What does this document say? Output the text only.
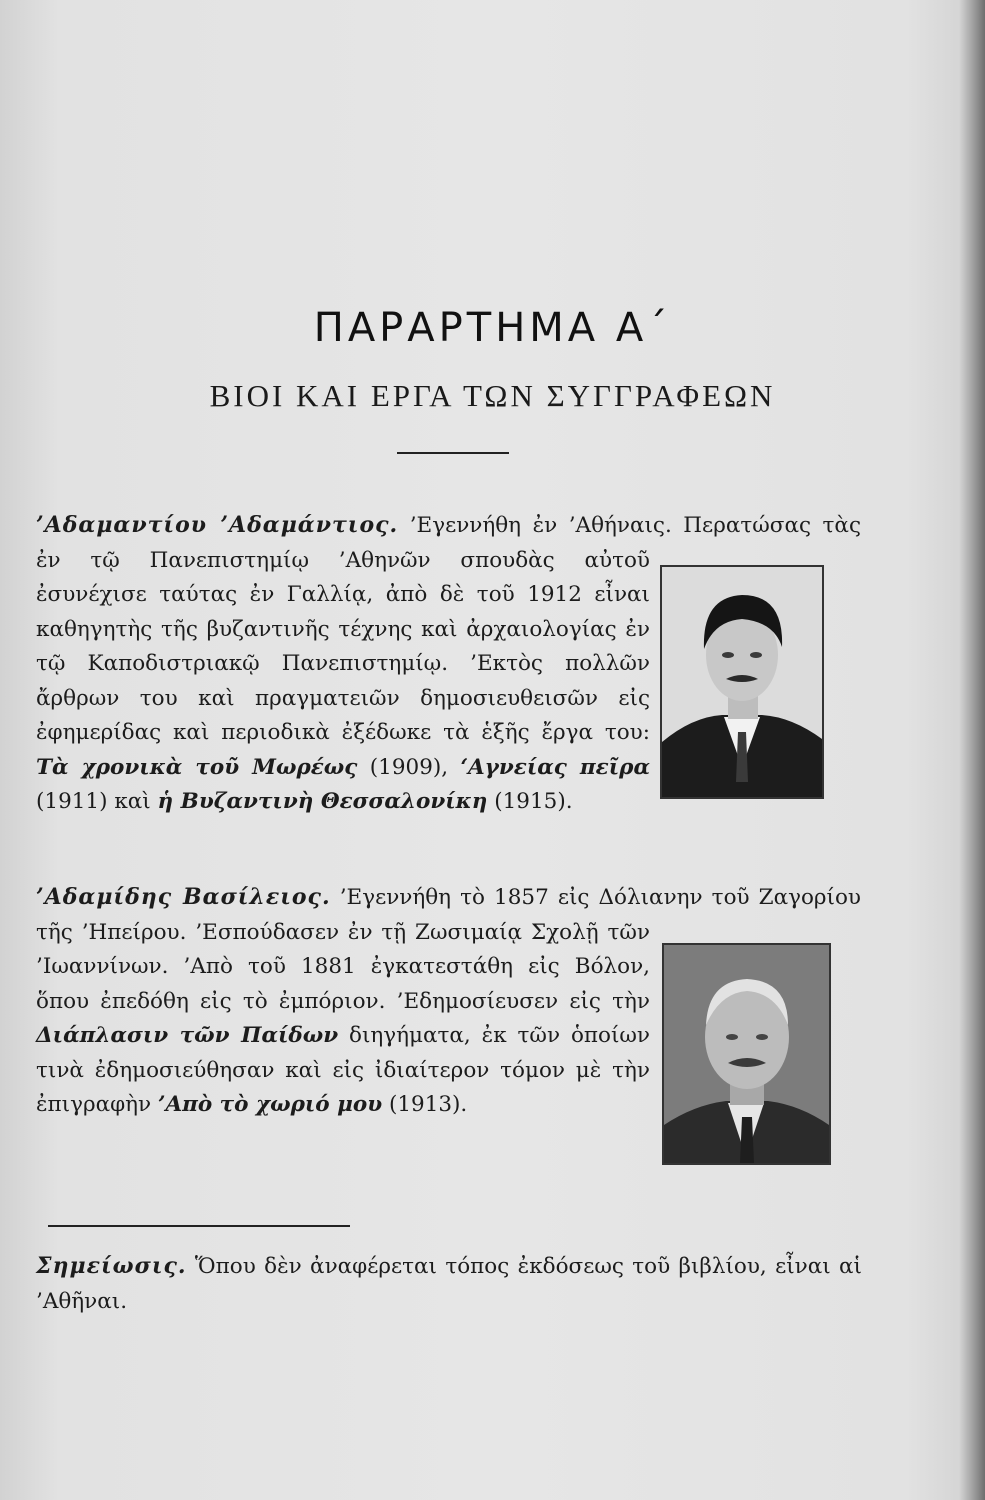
ΠΑΡΑΡΤΗΜΑ Α΄
ΒΙΟΙ ΚΑΙ ΕΡΓΑ ΤΩΝ ΣΥΓΓΡΑΦΕΩΝ

’Αδαμαντίου ’Αδαμάντιος. ’Εγεννήθη ἐν ’Αθήναις. Περατώσας τὰς ἐν τῷ Πανεπιστημίῳ ’Αθηνῶν σπουδὰς αὐτοῦ ἐσυνέχισε ταύτας ἐν Γαλλίᾳ, ἀπὸ δὲ τοῦ 1912 εἶναι καθηγητὴς τῆς βυζαντινῆς τέχνης καὶ ἀρχαιολογίας ἐν τῷ Καποδιστριακῷ Πανεπιστημίῳ. ’Εκτὸς πολλῶν ἄρθρων του καὶ πραγματειῶν δημοσιευθεισῶν εἰς ἐφημερίδας καὶ περιοδικὰ ἐξέδωκε τὰ ἑξῆς ἔργα του: Τὰ χρονικὰ τοῦ Μωρέως (1909), ‘Αγνείας πεῖρα (1911) καὶ ἡ Βυζαντινὴ Θεσσαλονίκη (1915).

’Αδαμίδης Βασίλειος. ’Εγεννήθη τὸ 1857 εἰς Δόλιανην τοῦ Ζαγορίου τῆς ’Ηπείρου. ’Εσπούδασεν ἐν τῇ Ζωσιμαίᾳ Σχολῇ τῶν ’Ιωαννίνων. ’Απὸ τοῦ 1881 ἐγκατεστάθη εἰς Βόλον, ὅπου ἐπεδόθη εἰς τὸ ἐμπόριον. ’Εδημοσίευσεν εἰς τὴν Διάπλασιν τῶν Παίδων διηγήματα, ἐκ τῶν ὁποίων τινὰ ἐδημοσιεύθησαν καὶ εἰς ἰδιαίτερον τόμον μὲ τὴν ἐπιγραφὴν ’Απὸ τὸ χωριό μου (1913).

Σημείωσις. Ὅπου δὲν ἀναφέρεται τόπος ἐκδόσεως τοῦ βιβλίου, εἶναι αἱ ’Αθῆναι.
